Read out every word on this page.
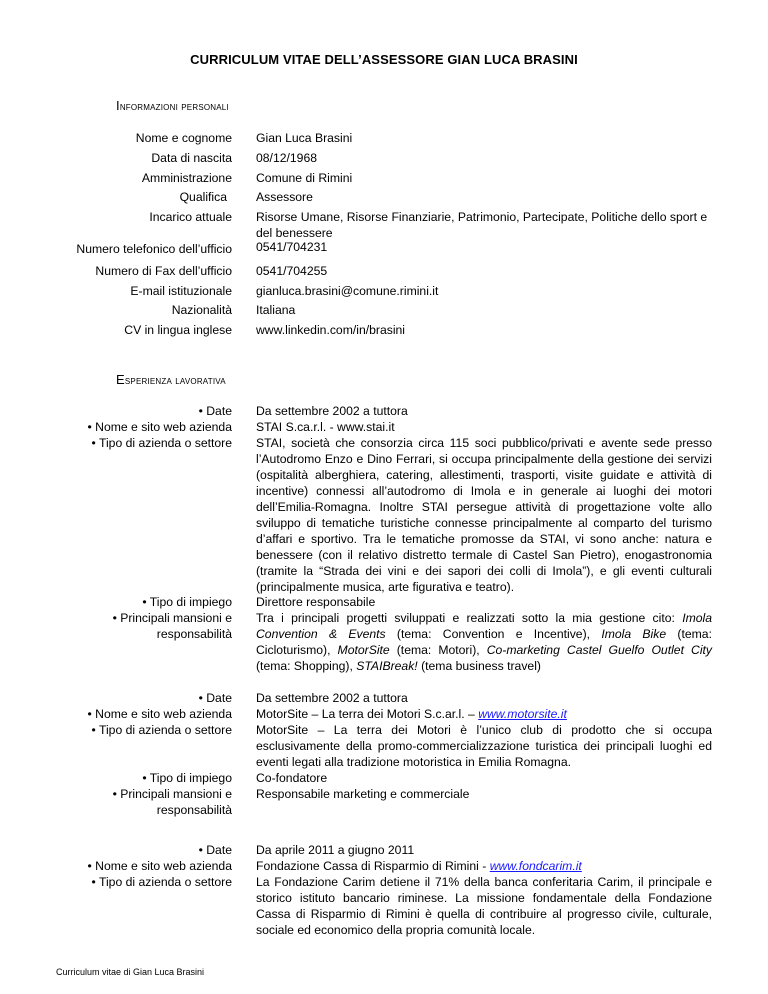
CURRICULUM VITAE DELL’ASSESSORE GIAN LUCA BRASINI
Informazioni personali
Nome e cognome Gian Luca Brasini
Data di nascita 08/12/1968
Amministrazione Comune di Rimini
Qualifica Assessore
Incarico attuale Risorse Umane, Risorse Finanziarie, Patrimonio, Partecipate, Politiche dello sport e del benessere
Numero telefonico dell’ufficio 0541/704231
Numero di Fax dell’ufficio 0541/704255
E-mail istituzionale gianluca.brasini@comune.rimini.it
Nazionalità Italiana
CV in lingua inglese www.linkedin.com/in/brasini
Esperienza lavorativa
• Date Da settembre 2002 a tuttora
• Nome e sito web azienda STAI S.ca.r.l. - www.stai.it
• Tipo di azienda o settore STAI, società che consorzia circa 115 soci pubblico/privati e avente sede presso l’Autodromo Enzo e Dino Ferrari, si occupa principalmente della gestione dei servizi (ospitalità alberghiera, catering, allestimenti, trasporti, visite guidate e attività di incentive) connessi all’autodromo di Imola e in generale ai luoghi dei motori dell’Emilia-Romagna. Inoltre STAI persegue attività di progettazione volte allo sviluppo di tematiche turistiche connesse principalmente al comparto del turismo d’affari e sportivo. Tra le tematiche promosse da STAI, vi sono anche: natura e benessere (con il relativo distretto termale di Castel San Pietro), enogastronomia (tramite la “Strada dei vini e dei sapori dei colli di Imola”), e gli eventi culturali (principalmente musica, arte figurativa e teatro).
• Tipo di impiego Direttore responsabile
• Principali mansioni e
responsabilità
Tra i principali progetti sviluppati e realizzati sotto la mia gestione cito: Imola Convention & Events (tema: Convention e Incentive), Imola Bike (tema: Cicloturismo), MotorSite (tema: Motori), Co-marketing Castel Guelfo Outlet City (tema: Shopping), STAIBreak! (tema business travel)
• Date Da settembre 2002 a tuttora
• Nome e sito web azienda MotorSite – La terra dei Motori S.c.ar.l. – www.motorsite.it
• Tipo di azienda o settore MotorSite – La terra dei Motori è l’unico club di prodotto che si occupa esclusivamente della promo-commercializzazione turistica dei principali luoghi ed eventi legati alla tradizione motoristica in Emilia Romagna.
• Tipo di impiego Co-fondatore
• Principali mansioni e
responsabilità
Responsabile marketing e commerciale
• Date Da aprile 2011 a giugno 2011
• Nome e sito web azienda Fondazione Cassa di Risparmio di Rimini - www.fondcarim.it
• Tipo di azienda o settore La Fondazione Carim detiene il 71% della banca conferitaria Carim, il principale e storico istituto bancario riminese. La missione fondamentale della Fondazione Cassa di Risparmio di Rimini è quella di contribuire al progresso civile, culturale, sociale ed economico della propria comunità locale.
Curriculum vitae di Gian Luca Brasini
